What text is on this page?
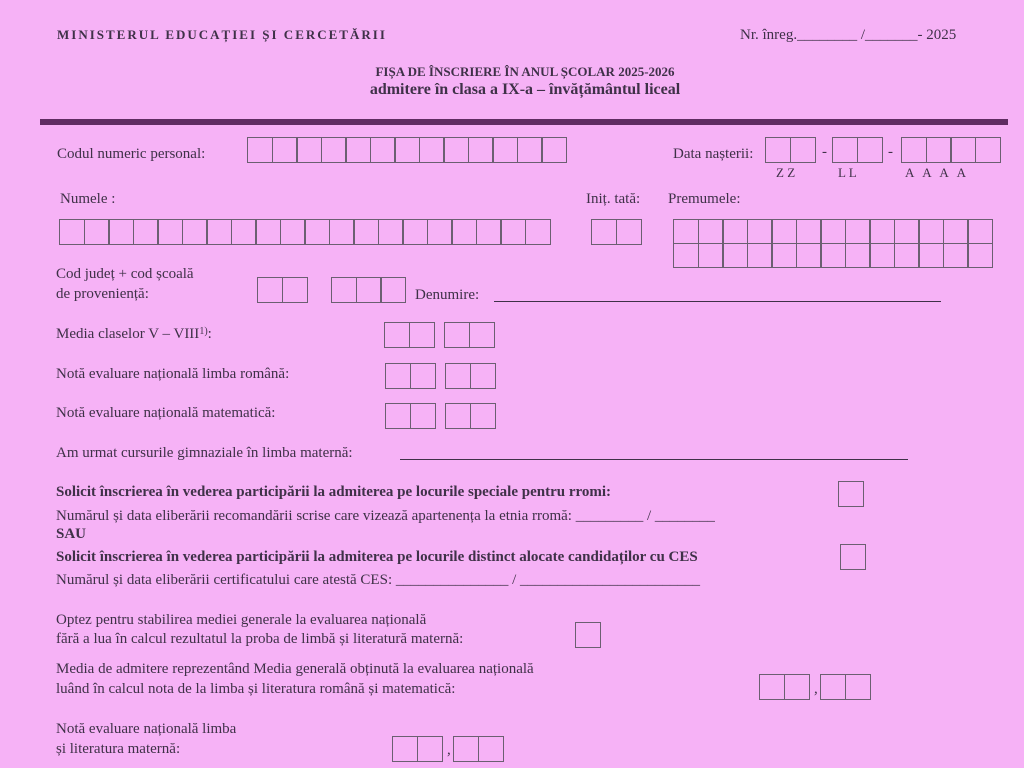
MINISTERUL EDUCAȚIEI ȘI CERCETĂRII	Nr. înreg.________ /_______- 2025
FIȘA DE ÎNSCRIERE ÎN ANUL ȘCOLAR 2025-2026
admitere în clasa a IX-a – învățământul liceal
Codul numeric personal:	Data nașterii:	-	-
Z Z	L L	A A A A
Numele :	Iniț. tată: Premumele:
Cod județ + cod școală
de proveniență:	Denumire:
Media claselor V – VIII$^{1)}$:
Notă evaluare națională limba română:
Notă evaluare națională matematică:
Am urmat cursurile gimnaziale în limba maternă:
Solicit înscrierea în vederea participării la admiterea pe locurile speciale pentru rromi:
Numărul și data eliberării recomandării scrise care vizează apartenența la etnia rromă: _________ / ________
SAU
Solicit înscrierea în vederea participării la admiterea pe locurile distinct alocate candidaților cu CES
Numărul și data eliberării certificatului care atestă CES: _______________ / ________________________
Optez pentru stabilirea mediei generale la evaluarea națională
fără a lua în calcul rezultatul la proba de limbă și literatură maternă:
Media de admitere reprezentând Media generală obținută la evaluarea națională
luând în calcul nota de la limba și literatura română și matematică:	,
Notă evaluare națională limba
și literatura maternă:	,
